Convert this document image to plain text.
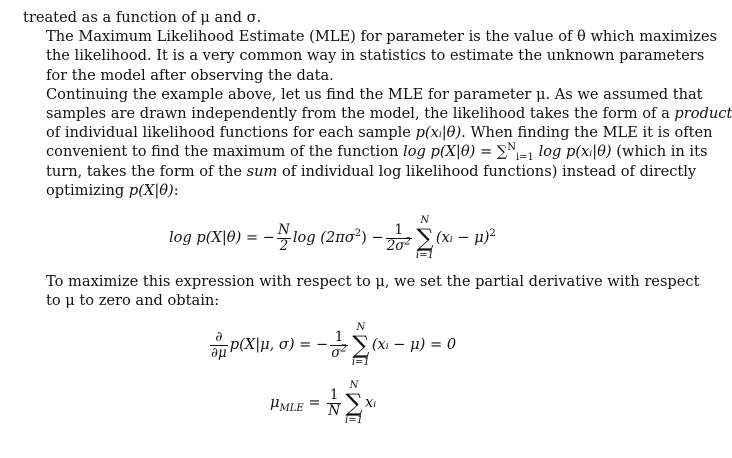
treated as a function of μ and σ.

The Maximum Likelihood Estimate (MLE) for parameter is the value of θ which maximizes
the likelihood. It is a very common way in statistics to estimate the unknown parameters
for the model after observing the data.

Continuing the example above, let us find the MLE for parameter μ. As we assumed that
samples are drawn independently from the model, the likelihood takes the form of a product
of individual likelihood functions for each sample p(xᵢ|θ). When finding the MLE it is often
convenient to find the maximum of the function log p(X|θ) = ∑$^N_{i=1}$ log p(xᵢ|θ) (which in its
turn, takes the form of the sum of individual log likelihood functions) instead of directly
optimizing p(X|θ):

log p(X|θ) = − $\frac{N}{2}$ $\log (2\pi\sigma^2) - \frac{1}{2\sigma^2}$
N
∑
i=1
(xᵢ − μ)$^2$

To maximize this expression with respect to μ, we set the partial derivative with respect
to μ to zero and obtain:

$\frac{\partial}{\partial\mu} p(X|\mu$, σ) = − $\frac{1}{\sigma^2}$
N
∑
i=1
(xᵢ − μ) = 0
$\mu_{MLE} = \frac{1}{N}$
N
∑
i=1
xᵢ
